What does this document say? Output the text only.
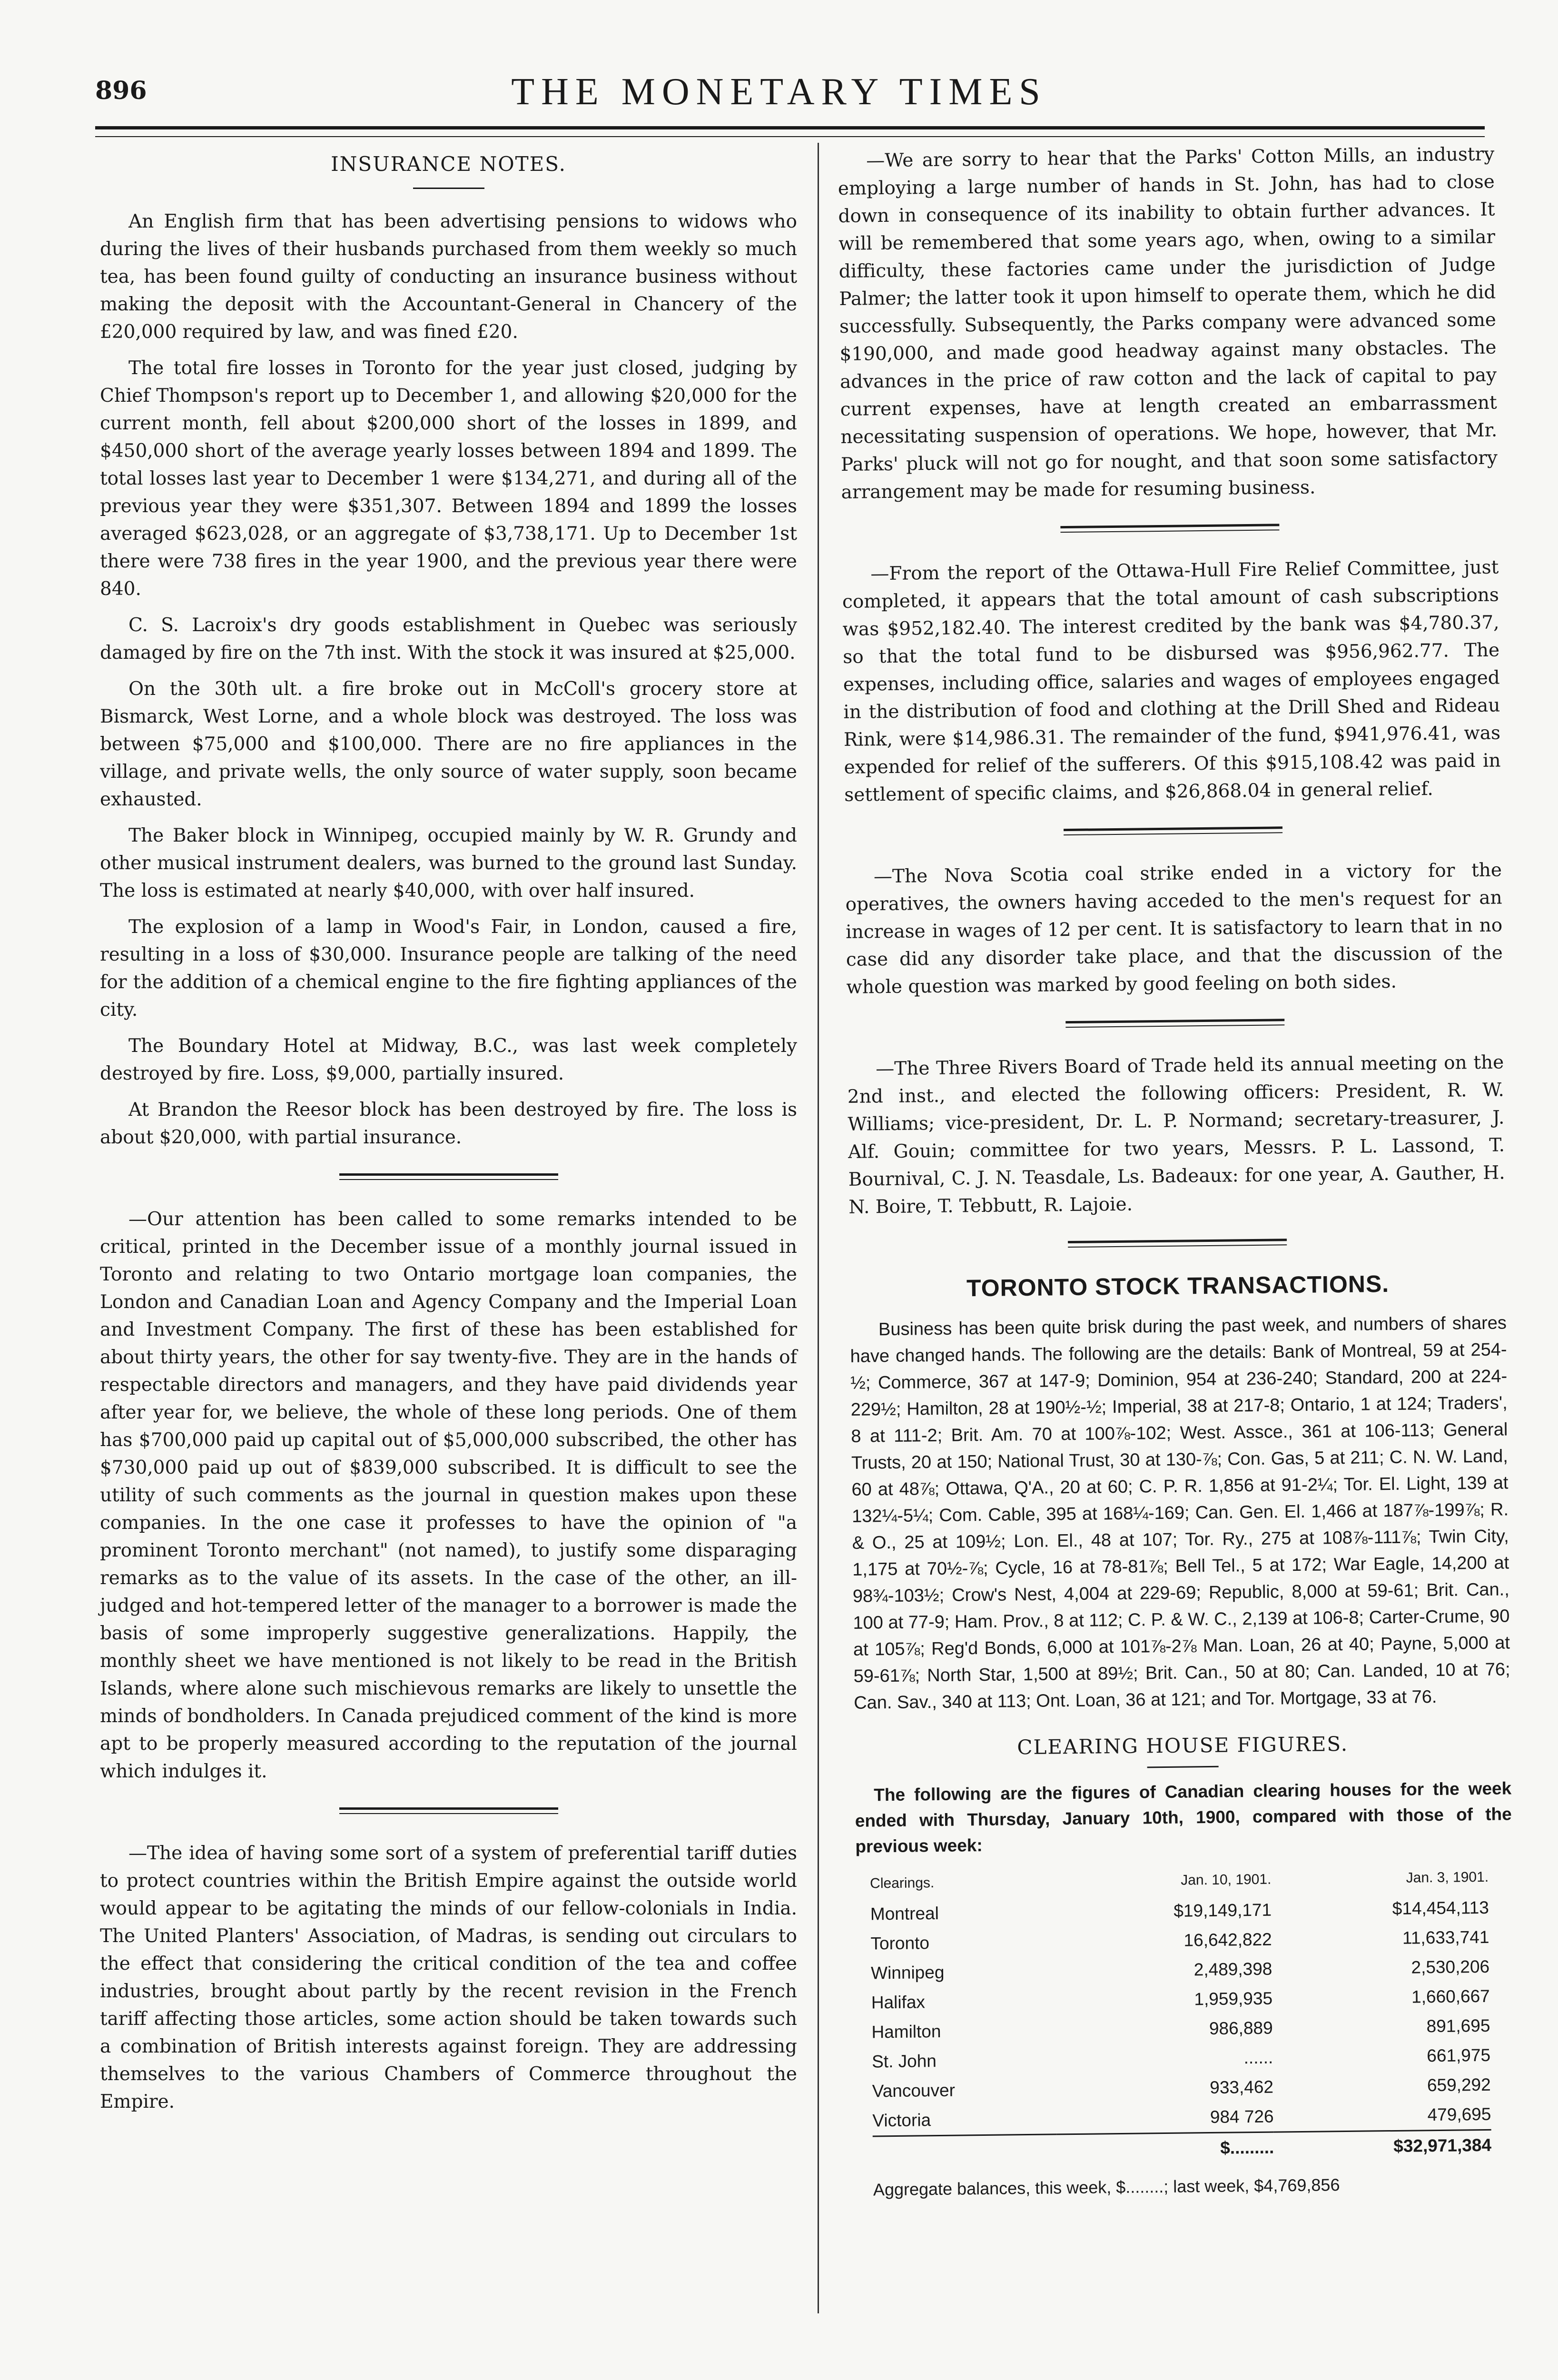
896	THE MONETARY TIMES
INSURANCE NOTES.

An English firm that has been advertising pensions to widows who during the lives of their husbands purchased from them weekly so much tea, has been found guilty of conducting an insurance business without making the deposit with the Accountant-General in Chancery of the £20,000 required by law, and was fined £20.

The total fire losses in Toronto for the year just closed, judging by Chief Thompson's report up to December 1, and allowing $20,000 for the current month, fell about $200,000 short of the losses in 1899, and $450,000 short of the average yearly losses between 1894 and 1899. The total losses last year to December 1 were $134,271, and during all of the previous year they were $351,307. Between 1894 and 1899 the losses averaged $623,028, or an aggregate of $3,738,171. Up to December 1st there were 738 fires in the year 1900, and the previous year there were 840.

C. S. Lacroix's dry goods establishment in Quebec was seriously damaged by fire on the 7th inst. With the stock it was insured at $25,000.

On the 30th ult. a fire broke out in McColl's grocery store at Bismarck, West Lorne, and a whole block was destroyed. The loss was between $75,000 and $100,000. There are no fire appliances in the village, and private wells, the only source of water supply, soon became exhausted.

The Baker block in Winnipeg, occupied mainly by W. R. Grundy and other musical instrument dealers, was burned to the ground last Sunday. The loss is estimated at nearly $40,000, with over half insured.

The explosion of a lamp in Wood's Fair, in London, caused a fire, resulting in a loss of $30,000. Insurance people are talking of the need for the addition of a chemical engine to the fire fighting appliances of the city.

The Boundary Hotel at Midway, B.C., was last week completely destroyed by fire. Loss, $9,000, partially insured.

At Brandon the Reesor block has been destroyed by fire. The loss is about $20,000, with partial insurance.

—Our attention has been called to some remarks intended to be critical, printed in the December issue of a monthly journal issued in Toronto and relating to two Ontario mortgage loan companies, the London and Canadian Loan and Agency Company and the Imperial Loan and Investment Company. The first of these has been established for about thirty years, the other for say twenty-five. They are in the hands of respectable directors and managers, and they have paid dividends year after year for, we believe, the whole of these long periods. One of them has $700,000 paid up capital out of $5,000,000 subscribed, the other has $730,000 paid up out of $839,000 subscribed. It is difficult to see the utility of such comments as the journal in question makes upon these companies. In the one case it professes to have the opinion of "a prominent Toronto merchant" (not named), to justify some disparaging remarks as to the value of its assets. In the case of the other, an ill-judged and hot-tempered letter of the manager to a borrower is made the basis of some improperly suggestive generalizations. Happily, the monthly sheet we have mentioned is not likely to be read in the British Islands, where alone such mischievous remarks are likely to unsettle the minds of bondholders. In Canada prejudiced comment of the kind is more apt to be properly measured according to the reputation of the journal which indulges it.

—The idea of having some sort of a system of preferential tariff duties to protect countries within the British Empire against the outside world would appear to be agitating the minds of our fellow-colonials in India. The United Planters' Association, of Madras, is sending out circulars to the effect that considering the critical condition of the tea and coffee industries, brought about partly by the recent revision in the French tariff affecting those articles, some action should be taken towards such a combination of British interests against foreign. They are addressing themselves to the various Chambers of Commerce throughout the Empire.

—We are sorry to hear that the Parks' Cotton Mills, an industry employing a large number of hands in St. John, has had to close down in consequence of its inability to obtain further advances. It will be remembered that some years ago, when, owing to a similar difficulty, these factories came under the jurisdiction of Judge Palmer; the latter took it upon himself to operate them, which he did successfully. Subsequently, the Parks company were advanced some $190,000, and made good headway against many obstacles. The advances in the price of raw cotton and the lack of capital to pay current expenses, have at length created an embarrassment necessitating suspension of operations. We hope, however, that Mr. Parks' pluck will not go for nought, and that soon some satisfactory arrangement may be made for resuming business.

—From the report of the Ottawa-Hull Fire Relief Committee, just completed, it appears that the total amount of cash subscriptions was $952,182.40. The interest credited by the bank was $4,780.37, so that the total fund to be disbursed was $956,962.77. The expenses, including office, salaries and wages of employees engaged in the distribution of food and clothing at the Drill Shed and Rideau Rink, were $14,986.31. The remainder of the fund, $941,976.41, was expended for relief of the sufferers. Of this $915,108.42 was paid in settlement of specific claims, and $26,868.04 in general relief.

—The Nova Scotia coal strike ended in a victory for the operatives, the owners having acceded to the men's request for an increase in wages of 12 per cent. It is satisfactory to learn that in no case did any disorder take place, and that the discussion of the whole question was marked by good feeling on both sides.

—The Three Rivers Board of Trade held its annual meeting on the 2nd inst., and elected the following officers: President, R. W. Williams; vice-president, Dr. L. P. Normand; secretary-treasurer, J. Alf. Gouin; committee for two years, Messrs. P. L. Lassond, T. Bournival, C. J. N. Teasdale, Ls. Badeaux: for one year, A. Gauther, H. N. Boire, T. Tebbutt, R. Lajoie.

TORONTO STOCK TRANSACTIONS.

Business has been quite brisk during the past week, and numbers of shares have changed hands. The following are the details: Bank of Montreal, 59 at 254-½; Commerce, 367 at 147-9; Dominion, 954 at 236-240; Standard, 200 at 224-229½; Hamilton, 28 at 190½-½; Imperial, 38 at 217-8; Ontario, 1 at 124; Traders', 8 at 111-2; Brit. Am. 70 at 100⅞-102; West. Assce., 361 at 106-113; General Trusts, 20 at 150; National Trust, 30 at 130-⅞; Con. Gas, 5 at 211; C. N. W. Land, 60 at 48⅞; Ottawa, Q'A., 20 at 60; C. P. R. 1,856 at 91-2¼; Tor. El. Light, 139 at 132¼-5¼; Com. Cable, 395 at 168¼-169; Can. Gen. El. 1,466 at 187⅞-199⅞; R. & O., 25 at 109½; Lon. El., 48 at 107; Tor. Ry., 275 at 108⅞-111⅞; Twin City, 1,175 at 70½-⅞; Cycle, 16 at 78-81⅞; Bell Tel., 5 at 172; War Eagle, 14,200 at 98¾-103½; Crow's Nest, 4,004 at 229-69; Republic, 8,000 at 59-61; Brit. Can., 100 at 77-9; Ham. Prov., 8 at 112; C. P. & W. C., 2,139 at 106-8; Carter-Crume, 90 at 105⅞; Reg'd Bonds, 6,000 at 101⅞-2⅞ Man. Loan, 26 at 40; Payne, 5,000 at 59-61⅞; North Star, 1,500 at 89½; Brit. Can., 50 at 80; Can. Landed, 10 at 76; Can. Sav., 340 at 113; Ont. Loan, 36 at 121; and Tor. Mortgage, 33 at 76.

CLEARING HOUSE FIGURES.

The following are the figures of Canadian clearing houses for the week ended with Thursday, January 10th, 1900, compared with those of the previous week:

Clearings.	Jan. 10, 1901.	Jan. 3, 1901.
Montreal	$19,149,171	$14,454,113
Toronto	16,642,822	11,633,741
Winnipeg	2,489,398	2,530,206
Halifax	1,959,935	1,660,667
Hamilton	986,889	891,695
St. John	......	661,975
Vancouver	933,462	659,292
Victoria	984 726	479,695
	$.........	$32,971,384
Aggregate balances, this week, $........; last week, $4,769,856
